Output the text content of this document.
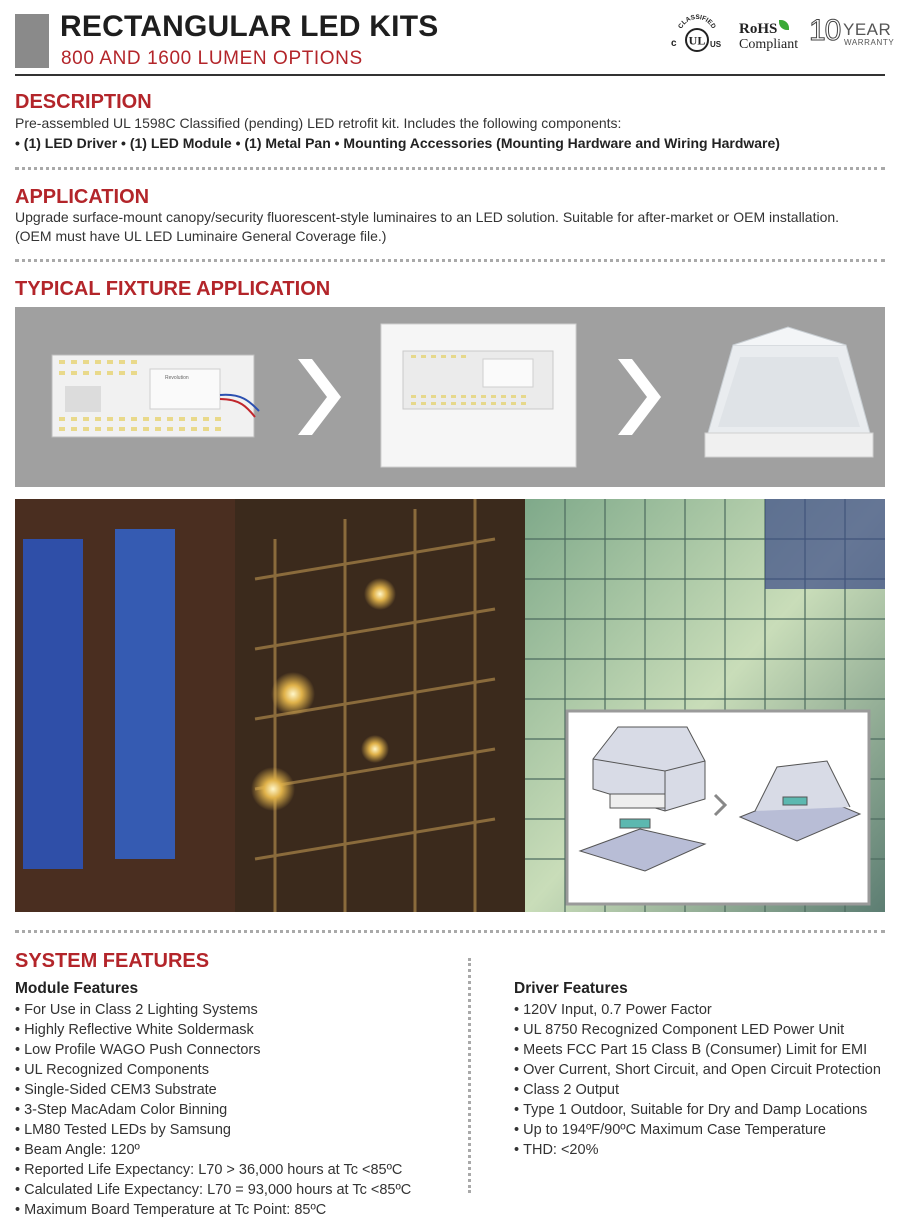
RECTANGULAR LED KITS
800 AND 1600 LUMEN OPTIONS
CLASSIFIED
UL
c	US
RoHS
Compliant 10 YEAR
WARRANTY
DESCRIPTION
Pre-assembled UL 1598C Classified (pending) LED retrofit kit. Includes the following components:
• (1) LED Driver • (1) LED Module • (1) Metal Pan • Mounting Accessories (Mounting Hardware and Wiring Hardware)
APPLICATION
Upgrade surface-mount canopy/security fluorescent-style luminaires to an LED solution. Suitable for after-market or OEM installation.
(OEM must have UL LED Luminaire General Coverage file.)
TYPICAL FIXTURE APPLICATION
Revolution
SYSTEM FEATURES
Module Features
• For Use in Class 2 Lighting Systems
• Highly Reflective White Soldermask
• Low Profile WAGO Push Connectors
• UL Recognized Components
• Single-Sided CEM3 Substrate
• 3-Step MacAdam Color Binning
• LM80 Tested LEDs by Samsung
• Beam Angle: 120º
• Reported Life Expectancy: L70 > 36,000 hours at Tc <85ºC
• Calculated Life Expectancy: L70 = 93,000 hours at Tc <85ºC
• Maximum Board Temperature at Tc Point: 85ºC
Driver Features
• 120V Input, 0.7 Power Factor
• UL 8750 Recognized Component LED Power Unit
• Meets FCC Part 15 Class B (Consumer) Limit for EMI
• Over Current, Short Circuit, and Open Circuit Protection
• Class 2 Output
• Type 1 Outdoor, Suitable for Dry and Damp Locations
• Up to 194ºF/90ºC Maximum Case Temperature
• THD: <20%
